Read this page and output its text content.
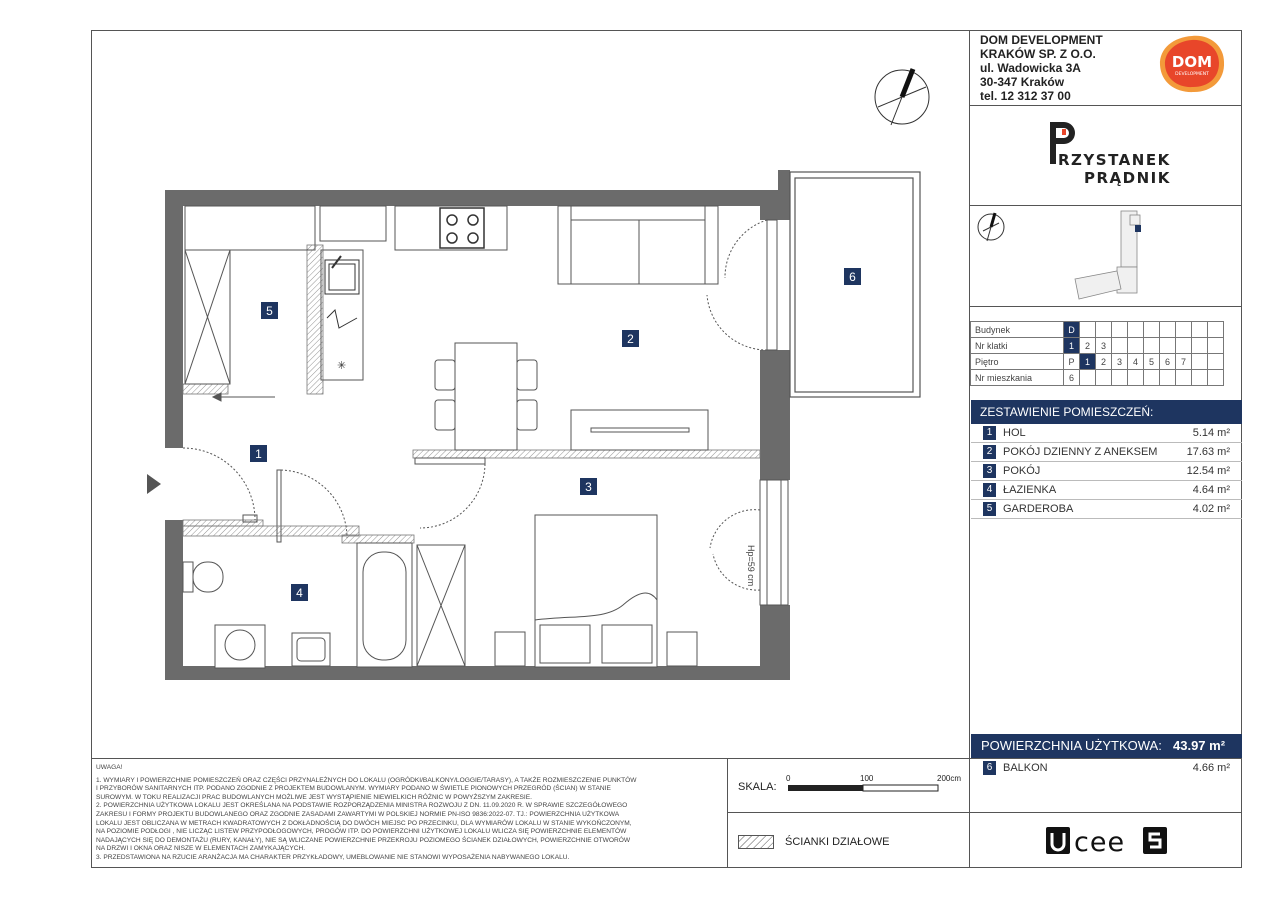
DOM DEVELOPMENT
KRAKÓW SP. Z O.O.
ul. Wadowicka 3A
30-347 Kraków
tel. 12 312 37 00
DOM
DEVELOPMENT
RZYSTANEK
PRĄDNIK
Budynek	D									
Nr klatki	1	2	3							
Piętro	P	1	2	3	4	5	6	7		
Nr mieszkania	6									
ZESTAWIENIE POMIESZCZEŃ:
1 HOL	5.14 m²
2 POKÓJ DZIENNY Z ANEKSEM	17.63 m²
3 POKÓJ	12.54 m²
4 ŁAZIENKA	4.64 m²
5 GARDEROBA	4.02 m²
POWIERZCHNIA UŻYTKOWA: 43.97 m²
6 BALKON	4.66 m²
cee
UWAGA!
1. WYMIARY I POWIERZCHNIE POMIESZCZEŃ ORAZ CZĘŚCI PRZYNALEŻNYCH DO LOKALU (OGRÓDKI/BALKONY/LOGGIE/TARASY), A TAKŻE ROZMIESZCZENIE PUNKTÓW
I PRZYBORÓW SANITARNYCH ITP. PODANO ZGODNIE Z PROJEKTEM BUDOWLANYM. WYMIARY PODANO W ŚWIETLE PIONOWYCH PRZEGRÓD (ŚCIAN) W STANIE
SUROWYM. W TOKU REALIZACJI PRAC BUDOWLANYCH MOŻLIWE JEST WYSTĄPIENIE NIEWIELKICH RÓŻNIC W POWYŻSZYM ZAKRESIE.
2. POWIERZCHNIA UŻYTKOWA LOKALU JEST OKREŚLANA NA PODSTAWIE ROZPORZĄDZENIA MINISTRA ROZWOJU Z DN. 11.09.2020 R. W SPRAWIE SZCZEGÓŁOWEGO
ZAKRESU I FORMY PROJEKTU BUDOWLANEGO ORAZ ZGODNIE ZASADAMI ZAWARTYMI W POLSKIEJ NORMIE PN-ISO 9836:2022-07. TJ.: POWIERZCHNIA UŻYTKOWA
LOKALU JEST OBLICZANA W METRACH KWADRATOWYCH Z DOKŁADNOŚCIĄ DO DWÓCH MIEJSC PO PRZECINKU, DLA WYMIARÓW LOKALU W STANIE WYKOŃCZONYM,
NA POZIOMIE PODŁOGI , NIE LICZĄC LISTEW PRZYPODŁOGOWYCH, PROGÓW ITP. DO POWIERZCHNI UŻYTKOWEJ LOKALU WLICZA SIĘ POWIERZCHNIE ELEMENTÓW
NADAJĄCYCH SIĘ DO DEMONTAŻU (RURY, KANAŁY), NIE SĄ WLICZANE POWIERZCHNIE PRZEKROJU POZIOMEGO ŚCIANEK DZIAŁOWYCH, POWIERZCHNIE OTWORÓW
NA DRZWI I OKNA ORAZ NISZE W ELEMENTACH ZAMYKAJĄCYCH.
3. PRZEDSTAWIONA NA RZUCIE ARANŻACJA MA CHARAKTER PRZYKŁADOWY, UMEBLOWANIE NIE STANOWI WYPOSAŻENIA NABYWANEGO LOKALU.
SKALA:
0	100	200cm
ŚCIANKI DZIAŁOWE
Hp=59 cm
✳
1
2
3
4
5
6
